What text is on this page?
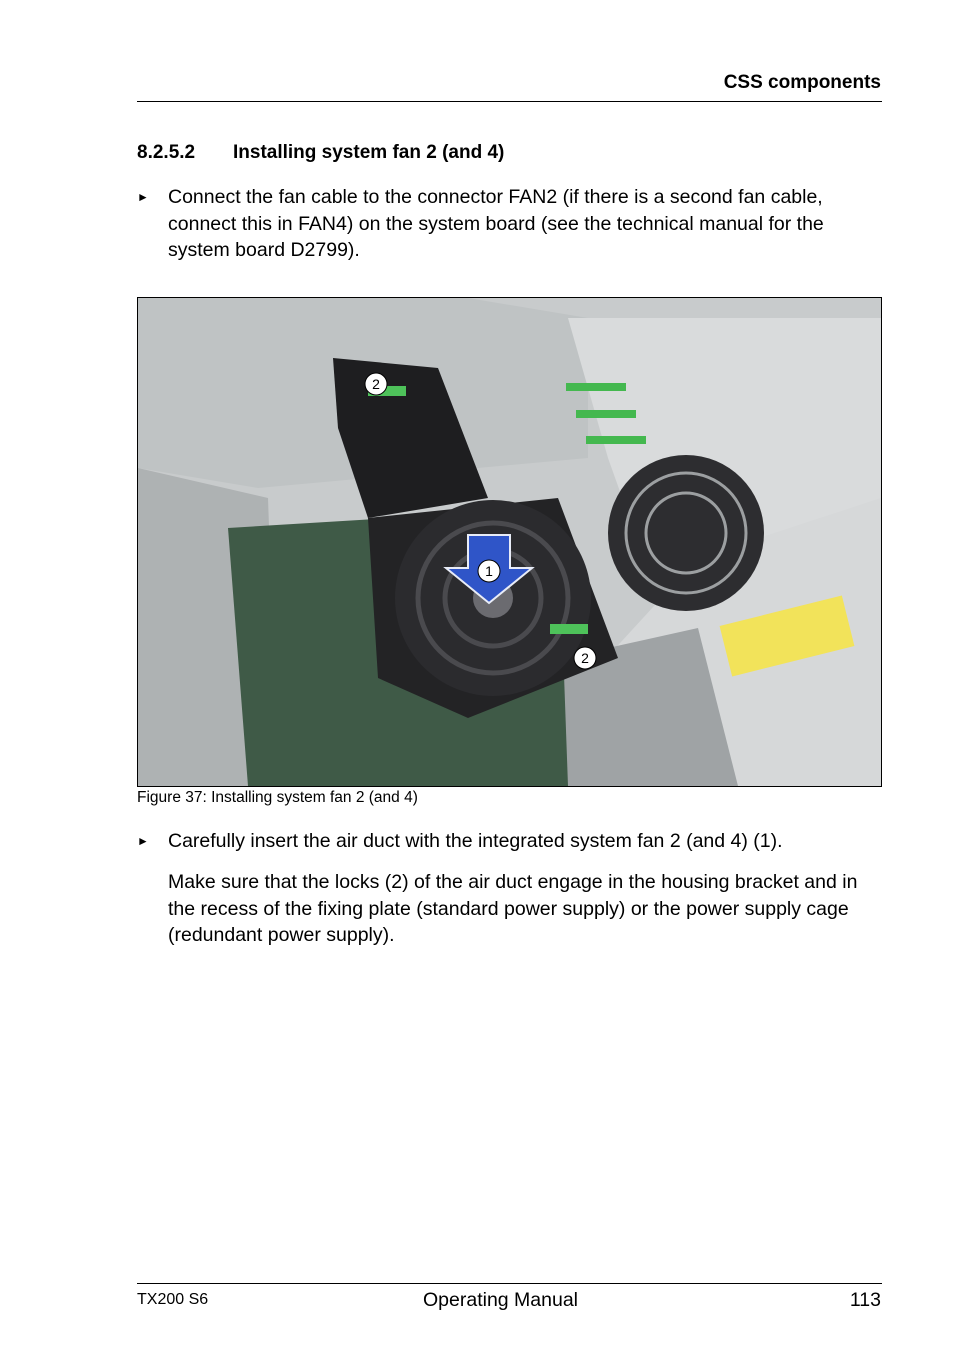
CSS components
8.2.5.2 Installing system fan 2 (and 4)
► Connect the fan cable to the connector FAN2 (if there is a second fan cable, connect this in FAN4) on the system board (see the technical manual for the system board D2799).
2
1
2
Figure 37: Installing system fan 2 (and 4)
► Carefully insert the air duct with the integrated system fan 2 (and 4) (1).
Make sure that the locks (2) of the air duct engage in the housing bracket and in the recess of the fixing plate (standard power supply) or the power supply cage (redundant power supply).
TX200 S6	Operating Manual	113
